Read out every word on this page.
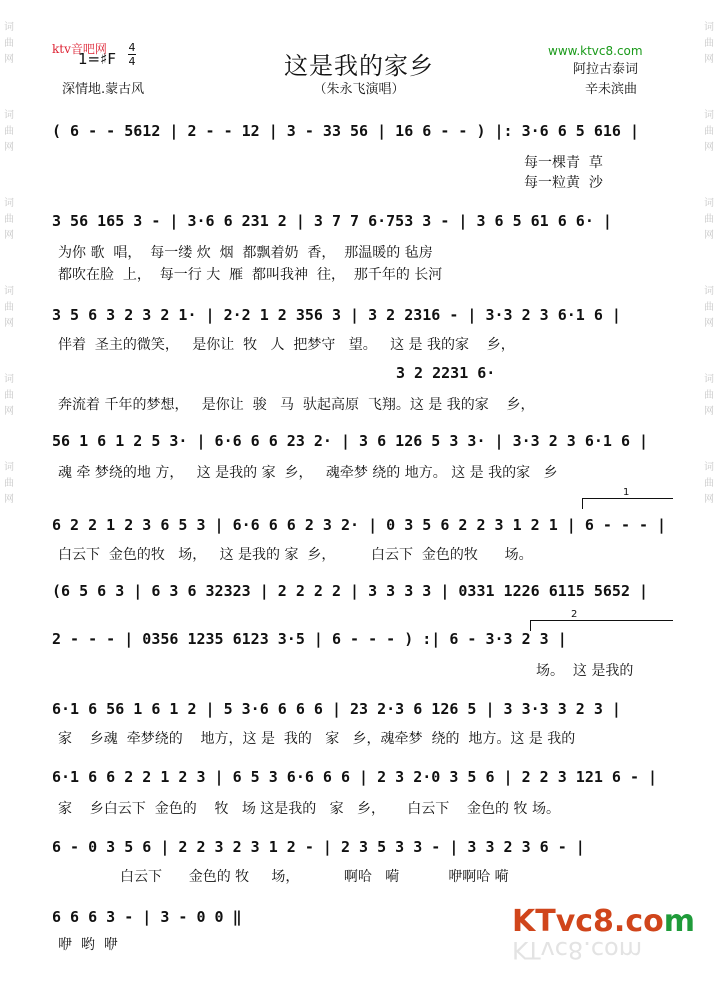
词
曲
网
词
曲
网
词
曲
网
词
曲
网
词
曲
网
词
曲
网
词
曲
网
词
曲
网
词
曲
网
词
曲
网
词
曲
网
词
曲
网
ktv音吧网	www.ktvc8.com
1=♯F
4
4	这是我的家乡	阿拉古泰词
深情地.蒙古风	（朱永飞演唱）	辛未滨曲
( 6 - - 5612 | 2 - - 12 | 3 - 33 56 | 16 6 - - ) |: 3·6 6 5 616 |
每一棵青  草
每一粒黄  沙
3 56 165 3 - | 3·6 6 231 2 | 3 7 7 6·753 3 - | 3 6 5 61 6 6· |
为你 歌  唱，  每一缕 炊  烟  都飘着奶  香，  那温暖的 毡房
都吹在脸  上，  每一行 大  雁  都叫我神  往，  那千年的 长河
3 5 6 3 2 3 2 1· | 2·2 1 2 356 3 | 3 2 2316 - | 3·3 2 3 6·1 6 |
伴着  圣主的微笑，   是你让  牧   人  把梦守   望。   这 是 我的家    乡，
3 2 2231 6·
奔流着 千年的梦想，   是你让  骏   马  驮起高原  飞翔。这 是 我的家    乡，
56 1 6 1 2 5 3· | 6·6 6 6 23 2· | 3 6 126 5 3 3· | 3·3 2 3 6·1 6 |
魂 牵 梦绕的地 方，   这 是我的 家  乡，   魂牵梦 绕的 地方。 这 是 我的家   乡
1
6 2 2 1 2 3 6 5 3 | 6·6 6 6 2 3 2· | 0 3 5 6 2 2 3 1 2 1 | 6 - - - |
白云下  金色的牧   场，   这 是我的 家  乡，        白云下  金色的牧      场。
(6 5 6 3 | 6 3 6 32323 | 2 2 2 2 | 3 3 3 3 | 0331 1226 6115 5652 |
2
2 - - - | 0356 1235 6123 3·5 | 6 - - - ) :| 6 - 3·3 2 3 |
场。  这 是我的
6·1 6 56 1 6 1 2 | 5 3·6 6 6 6 | 23 2·3 6 126 5 | 3 3·3 3 2 3 |
家    乡魂  牵梦绕的    地方，这 是  我的   家   乡，魂牵梦  绕的  地方。这 是 我的
6·1 6 6 2 2 1 2 3 | 6 5 3 6·6 6 6 | 2 3 2·0 3 5 6 | 2 2 3 121 6 - |
家    乡白云下  金色的    牧   场 这是我的   家   乡，     白云下    金色的 牧 场。
6 - 0 3 5 6 | 2 2 3 2 3 1 2 - | 2 3 5 3 3 - | 3 3 2 3 6 - |
白云下      金色的 牧     场，          啊哈   嗬           咿啊哈 嗬
6 6 6 3 - | 3 - 0 0 ‖
咿  哟  咿
KTvc8.com
KTvc8.com
